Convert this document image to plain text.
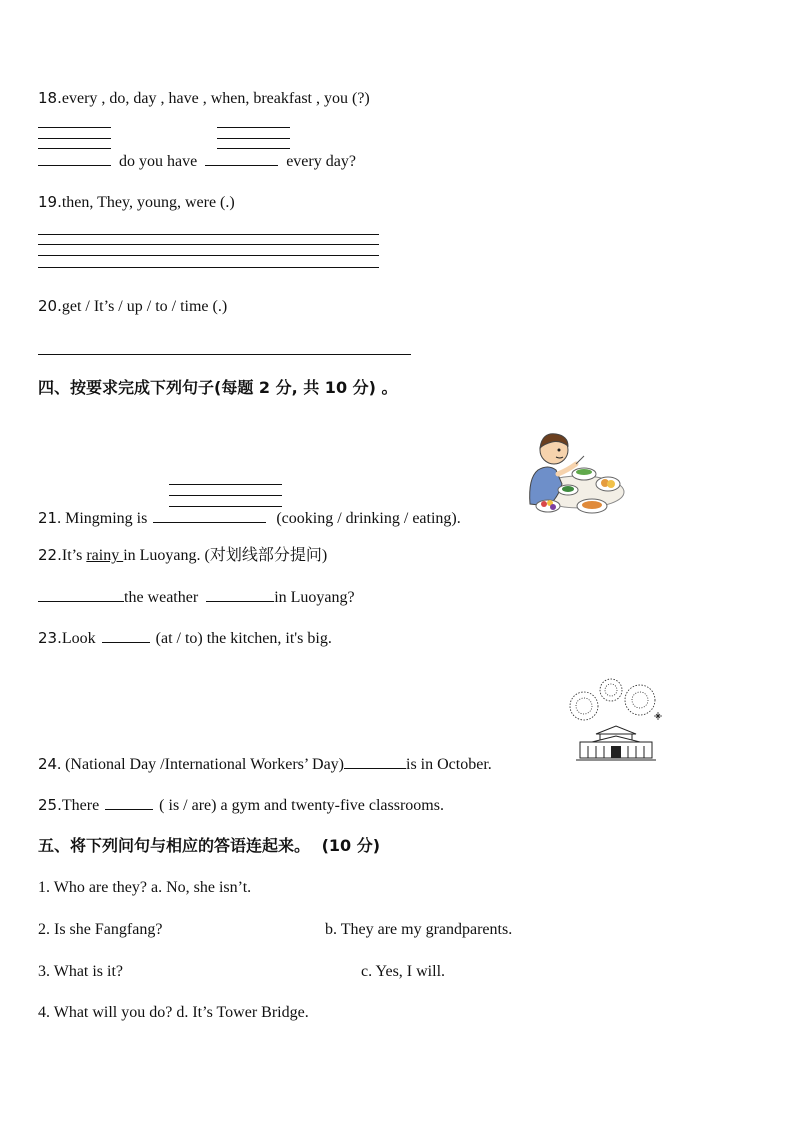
18.every , do, day , have , when, breakfast , you (?)
do you have	every day?
19.then, They, young, were (.)
20.get / It’s / up / to / time (.)
四、按要求完成下列句子(每题 2 分, 共 10 分) 。
21. Mingming is	(cooking / drinking / eating).
22.It’s rainy in Luoyang. (对划线部分提问)
the weather	in Luoyang?
23.Look	(at / to) the kitchen, it's big.
24. (National Day /International Workers’ Day)	is in October.
25.There	( is / are) a gym and twenty-five classrooms.
五、将下列问句与相应的答语连起来。 (10 分)
1. Who are they? a. No, she isn’t.
2. Is she Fangfang?	b. They are my grandparents.
3. What is it?	c. Yes, I will.
4. What will you do? d. It’s Tower Bridge.
